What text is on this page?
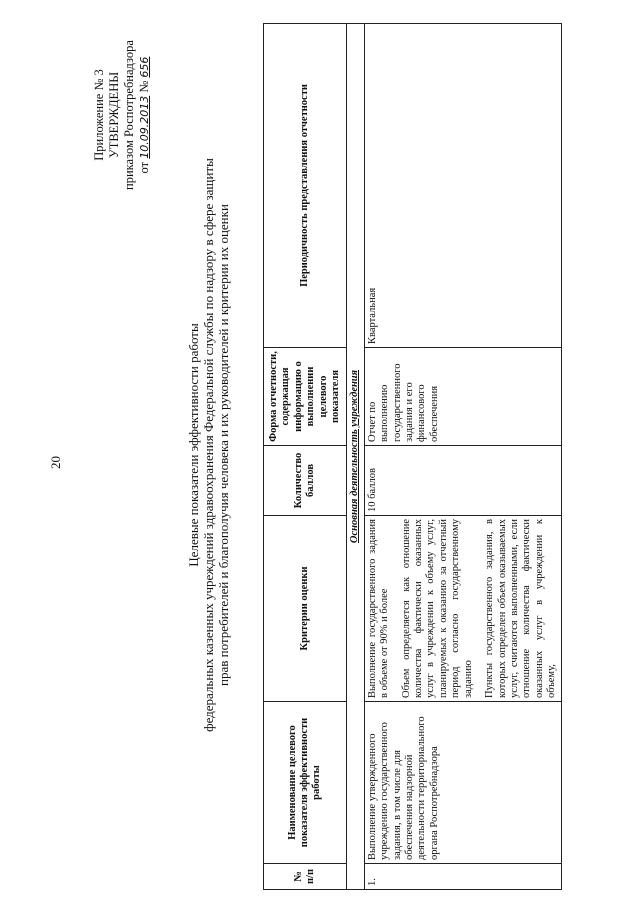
20
Приложение № 3 УТВЕРЖДЕНЫ приказом Роспотребнадзора от 10.09.2013 № 656
Целевые показатели эффективности работы федеральных казенных учреждений здравоохранения Федеральной службы по надзору в сфере защиты прав потребителей и благополучия человека и их руководителей и критерии их оценки
№ п/п	Наименование целевого показателя эффективности работы	Критерии оценки	Количество баллов	Форма отчетности, содержащая информацию о выполнении целевого показателя	Периодичность представления отчетности
Основная деятельность учреждения					
1.	Выполнение утвержденного учреждению государственного задания, в том числе для обеспечения надзорной деятельности территориального органа Роспотребнадзора	Выполнение государственного задания в объеме от 90% и более Объем определяется как отношение количества фактически оказанных услуг в учреждении к объему услуг, планируемых к оказанию за отчетный период согласно государственному заданию Пункты государственного задания, в которых определен объем оказываемых услуг, считаются выполненными, если отношение количества фактически оказанных услуг в учреждении к объему,	10 баллов	Отчет по выполнению государственного задания и его финансового обеспечения	Квартальная
